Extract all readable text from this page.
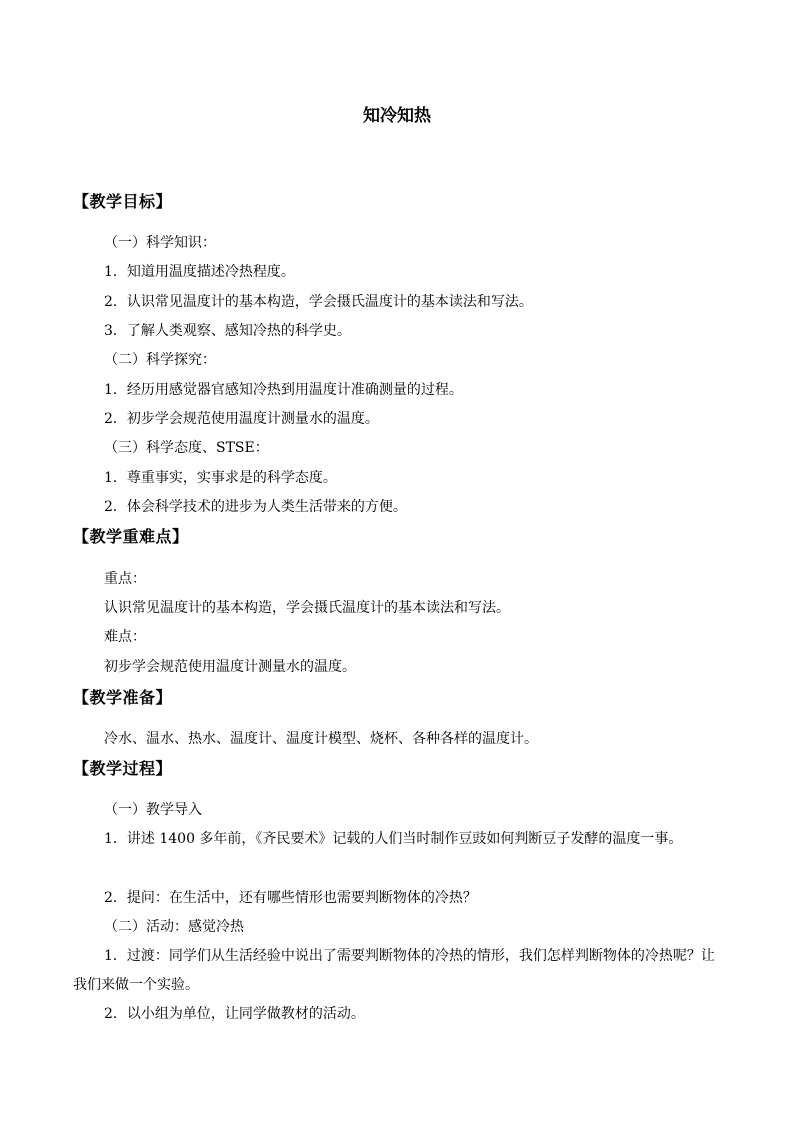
知冷知热
【教学目标】
（一）科学知识：
1．知道用温度描述冷热程度。
2．认识常见温度计的基本构造，学会摄氏温度计的基本读法和写法。
3．了解人类观察、感知冷热的科学史。
（二）科学探究：
1．经历用感觉器官感知冷热到用温度计准确测量的过程。
2．初步学会规范使用温度计测量水的温度。
（三）科学态度、STSE：
1．尊重事实，实事求是的科学态度。
2．体会科学技术的进步为人类生活带来的方便。
【教学重难点】
重点：
认识常见温度计的基本构造，学会摄氏温度计的基本读法和写法。
难点：
初步学会规范使用温度计测量水的温度。
【教学准备】
冷水、温水、热水、温度计、温度计模型、烧杯、各种各样的温度计。
【教学过程】
（一）教学导入
1．讲述 1400 多年前，《齐民要术》记载的人们当时制作豆豉如何判断豆子发酵的温度一事。
2．提问：在生活中，还有哪些情形也需要判断物体的冷热？
（二）活动：感觉冷热
1．过渡：同学们从生活经验中说出了需要判断物体的冷热的情形，我们怎样判断物体的冷热呢？让我们来做一个实验。
2．以小组为单位，让同学做教材的活动。
